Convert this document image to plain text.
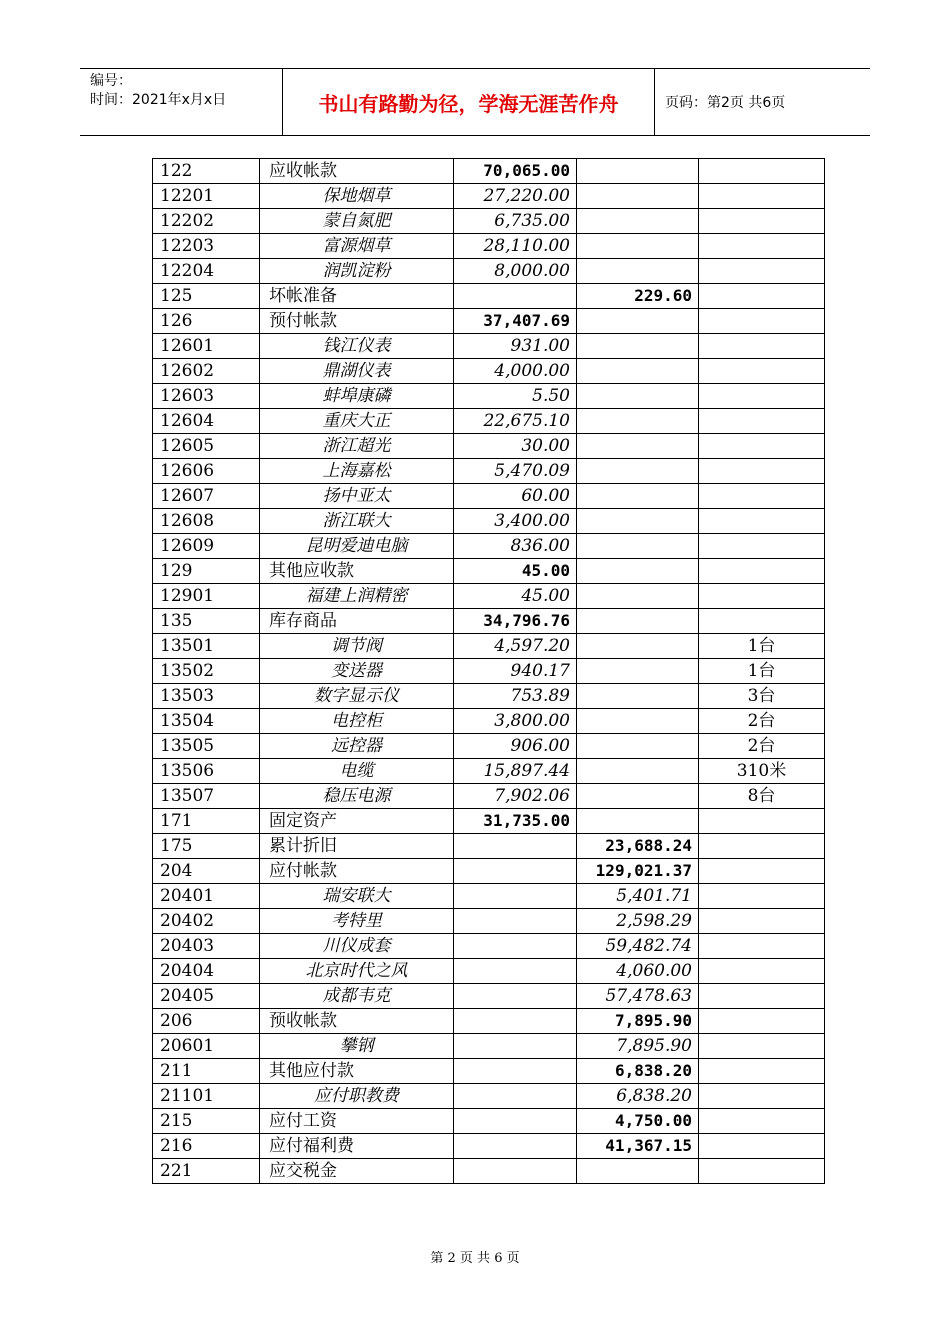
编号：
时间：2021年x月x日	书山有路勤为径，学海无涯苦作舟	页码：第2页 共6页
122	应收帐款	70,065.00		
12201	保地烟草	27,220.00		
12202	蒙自氮肥	6,735.00		
12203	富源烟草	28,110.00		
12204	润凯淀粉	8,000.00		
125	坏帐准备		229.60	
126	预付帐款	37,407.69		
12601	钱江仪表	931.00		
12602	鼎湖仪表	4,000.00		
12603	蚌埠康磷	5.50		
12604	重庆大正	22,675.10		
12605	浙江超光	30.00		
12606	上海嘉松	5,470.09		
12607	扬中亚太	60.00		
12608	浙江联大	3,400.00		
12609	昆明爱迪电脑	836.00		
129	其他应收款	45.00		
12901	福建上润精密	45.00		
135	库存商品	34,796.76		
13501	调节阀	4,597.20		1台
13502	变送器	940.17		1台
13503	数字显示仪	753.89		3台
13504	电控柜	3,800.00		2台
13505	远控器	906.00		2台
13506	电缆	15,897.44		310米
13507	稳压电源	7,902.06		8台
171	固定资产	31,735.00		
175	累计折旧		23,688.24	
204	应付帐款		129,021.37	
20401	瑞安联大		5,401.71	
20402	考特里		2,598.29	
20403	川仪成套		59,482.74	
20404	北京时代之风		4,060.00	
20405	成都韦克		57,478.63	
206	预收帐款		7,895.90	
20601	攀钢		7,895.90	
211	其他应付款		6,838.20	
21101	应付职教费		6,838.20	
215	应付工资		4,750.00	
216	应付福利费		41,367.15	
221	应交税金			
第 2 页 共 6 页
